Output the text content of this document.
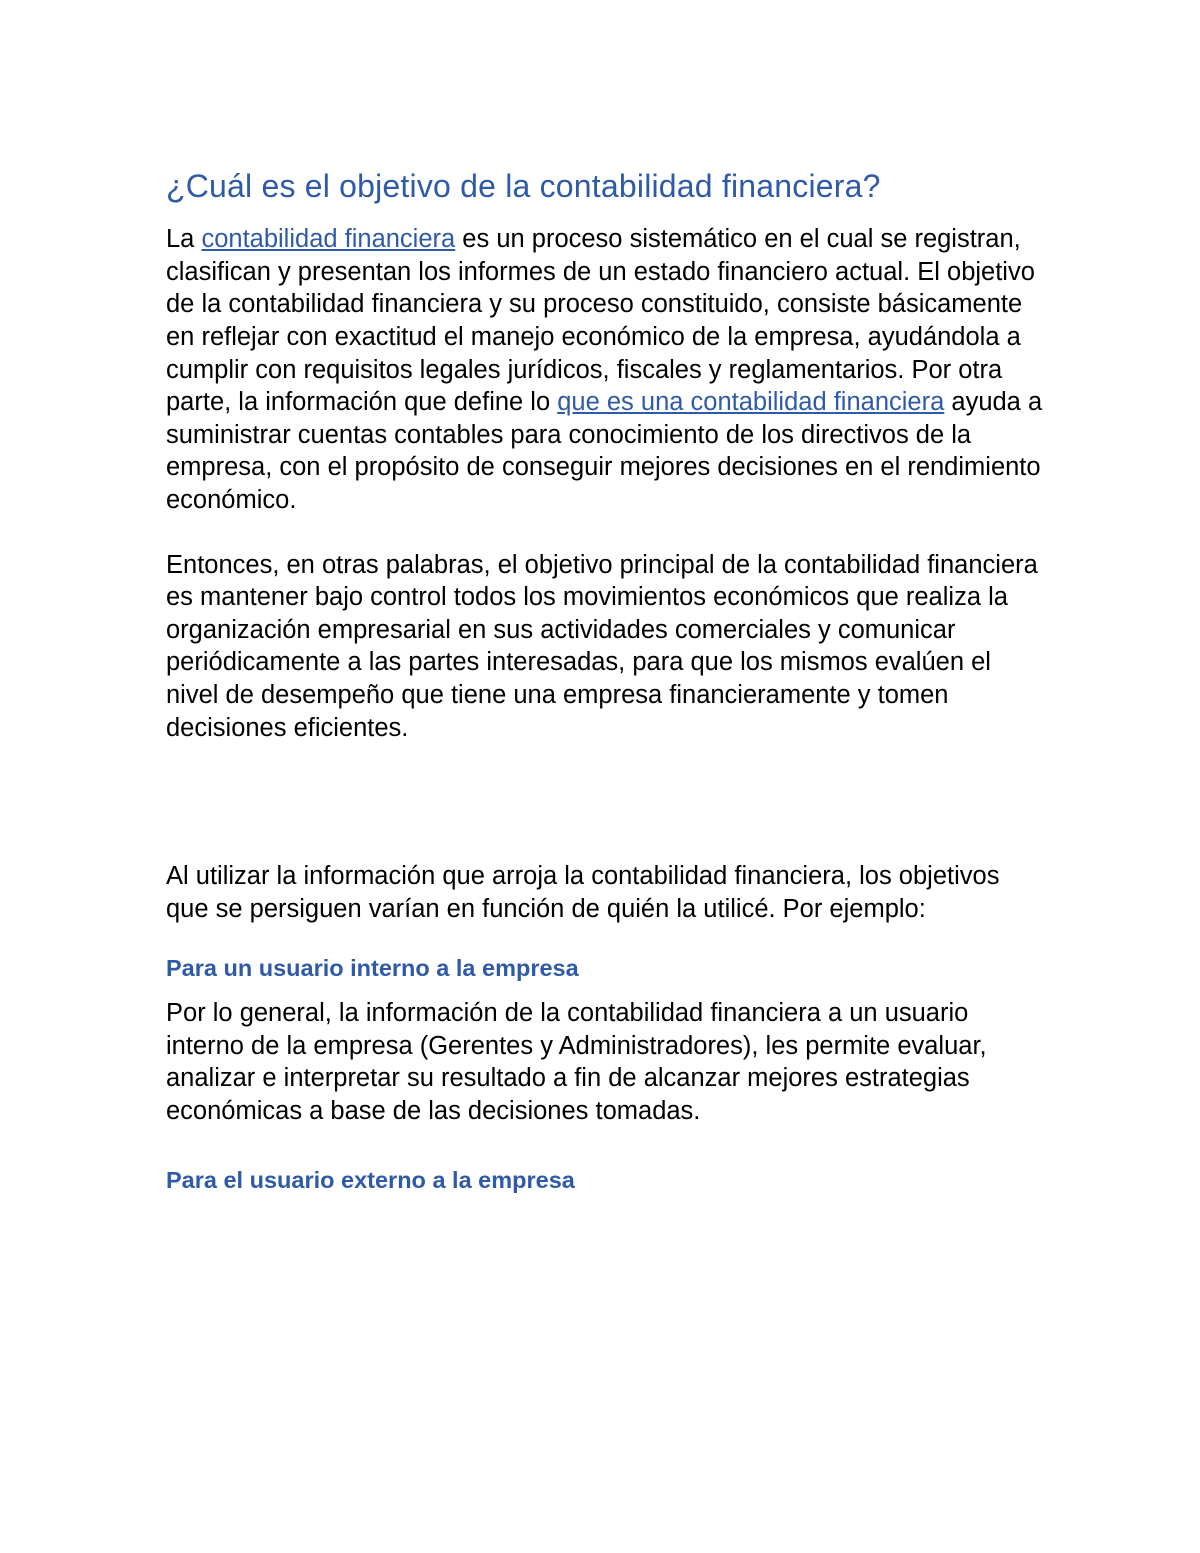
¿Cuál es el objetivo de la contabilidad financiera?

La contabilidad financiera es un proceso sistemático en el cual se registran, clasifican y presentan los informes de un estado financiero actual. El objetivo de la contabilidad financiera y su proceso constituido, consiste básicamente en reflejar con exactitud el manejo económico de la empresa, ayudándola a cumplir con requisitos legales jurídicos, fiscales y reglamentarios. Por otra parte, la información que define lo que es una contabilidad financiera ayuda a suministrar cuentas contables para conocimiento de los directivos de la empresa, con el propósito de conseguir mejores decisiones en el rendimiento económico.

Entonces, en otras palabras, el objetivo principal de la contabilidad financiera es mantener bajo control todos los movimientos económicos que realiza la organización empresarial en sus actividades comerciales y comunicar periódicamente a las partes interesadas, para que los mismos evalúen el nivel de desempeño que tiene una empresa financieramente y tomen decisiones eficientes.

Al utilizar la información que arroja la contabilidad financiera, los objetivos que se persiguen varían en función de quién la utilicé. Por ejemplo:

Para un usuario interno a la empresa

Por lo general, la información de la contabilidad financiera a un usuario interno de la empresa (Gerentes y Administradores), les permite evaluar, analizar e interpretar su resultado a fin de alcanzar mejores estrategias económicas a base de las decisiones tomadas.

Para el usuario externo a la empresa
